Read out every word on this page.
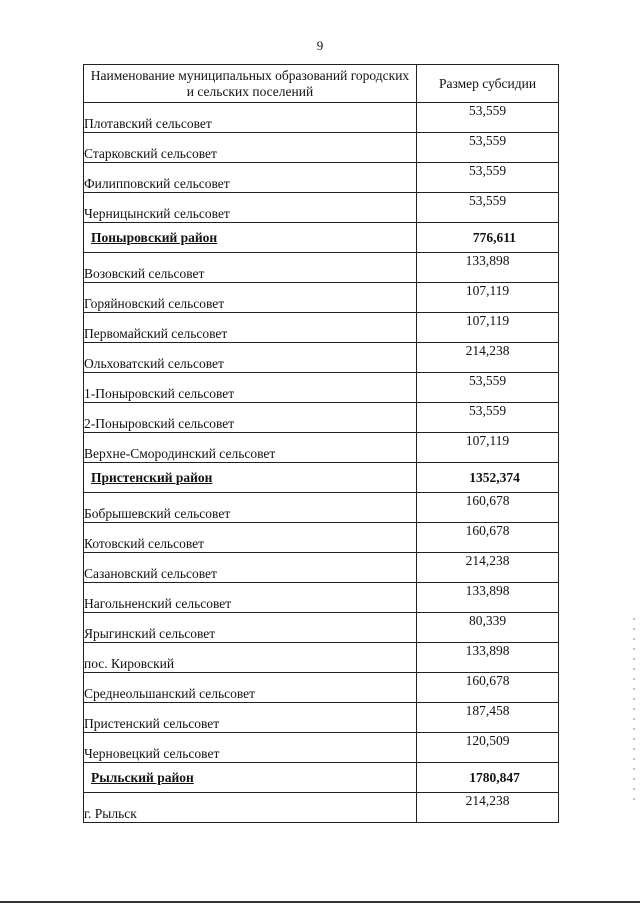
9
Наименование муниципальных образований городских и сельских поселений	Размер субсидии
Плотавский сельсовет	53,559
Старковский сельсовет	53,559
Филипповский сельсовет	53,559
Черницынский сельсовет	53,559
Поныровский район	776,611
Возовский сельсовет	133,898
Горяйновский сельсовет	107,119
Первомайский сельсовет	107,119
Ольховатский сельсовет	214,238
1-Поныровский сельсовет	53,559
2-Поныровский сельсовет	53,559
Верхне-Смородинский сельсовет	107,119
Пристенский район	1352,374
Бобрышевский сельсовет	160,678
Котовский сельсовет	160,678
Сазановский сельсовет	214,238
Нагольненский сельсовет	133,898
Ярыгинский сельсовет	80,339
пос. Кировский	133,898
Среднеольшанский сельсовет	160,678
Пристенский сельсовет	187,458
Черновецкий сельсовет	120,509
Рыльский район	1780,847
г. Рыльск	214,238
